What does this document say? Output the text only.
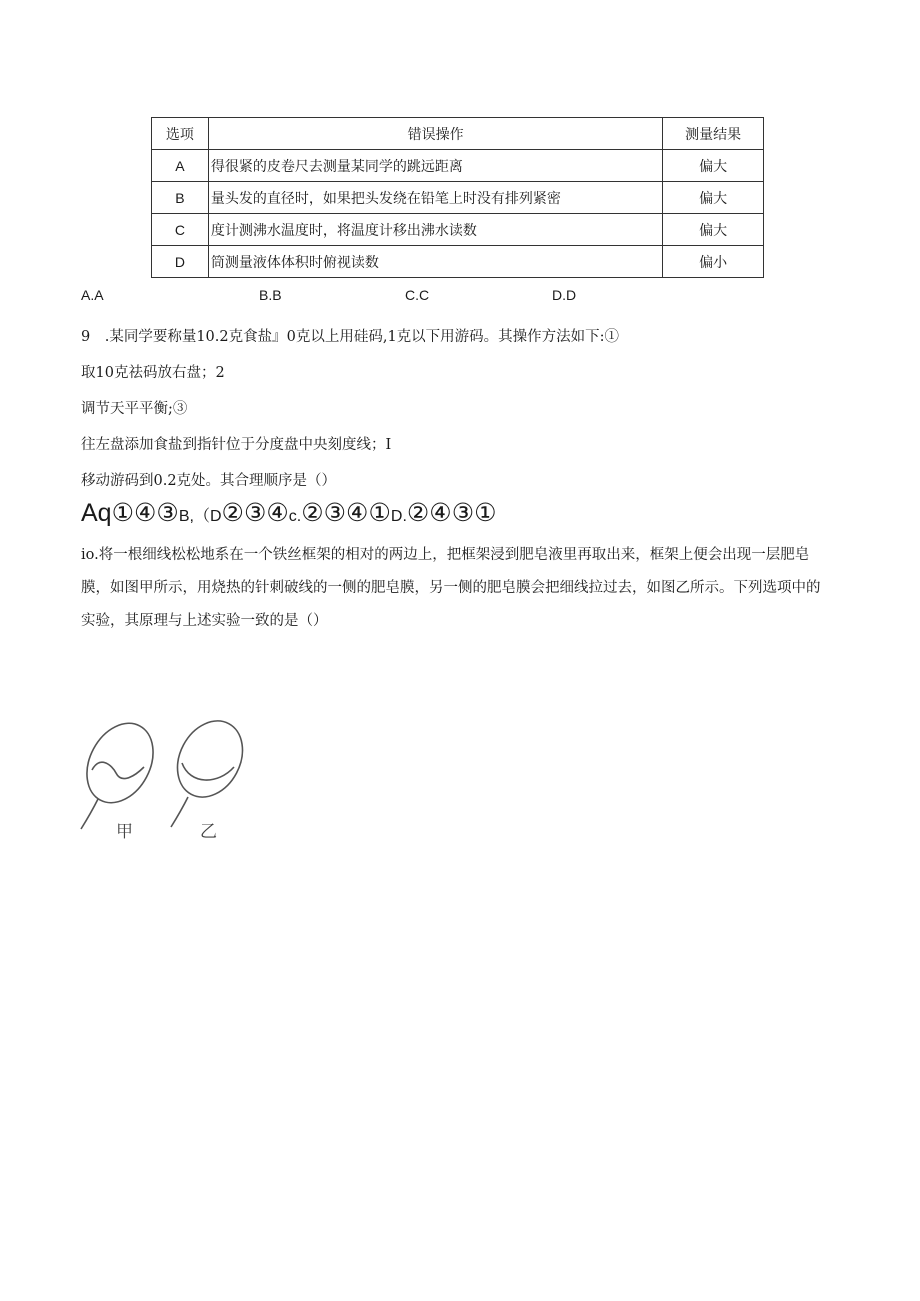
选项	错误操作	测量结果
A	得很紧的皮卷尺去测量某同学的跳远距离	偏大
B	量头发的直径时，如果把头发绕在铅笔上时没有排列紧密	偏大
C	度计测沸水温度时，将温度计移出沸水读数	偏大
D	筒测量液体体积时俯视读数	偏小
A.A	B.B	C.C	D.D
9　.某同学要称量10.2克食盐』0克以上用硅码,1克以下用游码。其操作方法如下:①
取10克祛码放右盘；2
调节天平平衡;③
往左盘添加食盐到指针位于分度盘中央刻度线；I
移动游码到0.2克处。其合理顺序是（）
Aq①④③B,（D②③④c.②③④①D.②④③①
io.将一根细线松松地系在一个铁丝框架的相对的两边上，把框架浸到肥皂液里再取出来，框架上便会出现一层肥皂膜，如图甲所示，用烧热的针刺破线的一侧的肥皂膜，另一侧的肥皂膜会把细线拉过去，如图乙所示。下列选项中的实验，其原理与上述实验一致的是（）
甲	乙
